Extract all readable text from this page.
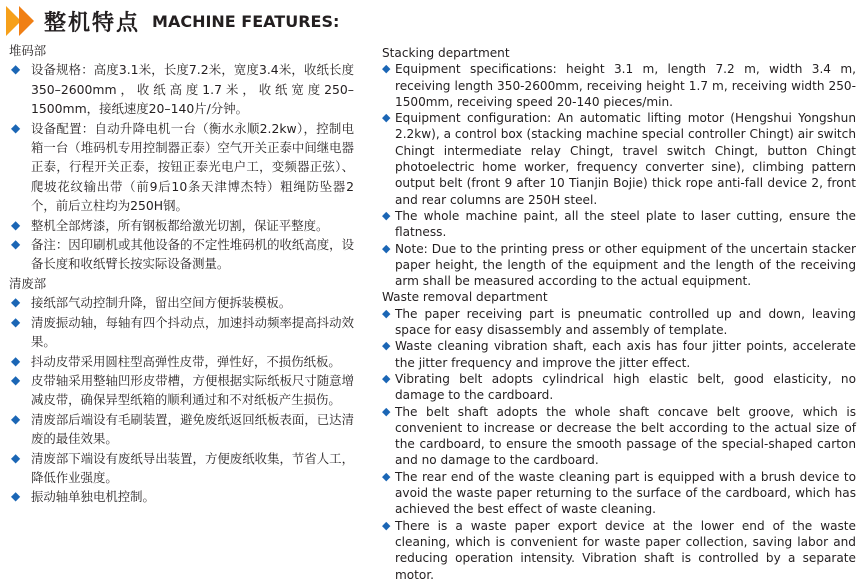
整机特点 MACHINE FEATURES:
堆码部
◆ 设备规格：高度3.1米，长度7.2米，宽度3.4米，收纸长度350–2600mm，收纸高度1.7米，收纸宽度250–1500mm，接纸速度20–140片/分钟。
◆ 设备配置：自动升降电机一台（衡水永顺2.2kw），控制电箱一台（堆码机专用控制器正泰）空气开关正泰中间继电器正泰，行程开关正泰，按钮正泰光电户工，变频器正弦）、爬坡花纹输出带（前9后10条天津博杰特）粗绳防坠器2个，前后立柱均为250H钢。
◆ 整机全部烤漆，所有钢板都给激光切割，保证平整度。
◆ 备注：因印刷机或其他设备的不定性堆码机的收纸高度，设备长度和收纸臂长按实际设备测量。
清废部
◆ 接纸部气动控制升降，留出空间方便拆装模板。
◆ 清废振动轴，每轴有四个抖动点，加速抖动频率提高抖动效果。
◆ 抖动皮带采用圆柱型高弹性皮带，弹性好，不损伤纸板。
◆ 皮带轴采用整轴凹形皮带槽，方便根据实际纸板尺寸随意增减皮带，确保异型纸箱的顺利通过和不对纸板产生损伤。
◆ 清废部后端设有毛刷装置，避免废纸返回纸板表面，已达清废的最佳效果。
◆ 清废部下端设有废纸导出装置，方便废纸收集，节省人工，降低作业强度。
◆ 振动轴单独电机控制。
Stacking department
◆ Equipment specifications: height 3.1 m, length 7.2 m, width 3.4 m, receiving length 350-2600mm, receiving height 1.7 m, receiving width 250-1500mm, receiving speed 20-140 pieces/min.
◆ Equipment configuration: An automatic lifting motor (Hengshui Yongshun 2.2kw), a control box (stacking machine special controller Chingt) air switch Chingt intermediate relay Chingt, travel switch Chingt, button Chingt photoelectric home worker, frequency converter sine), climbing pattern output belt (front 9 after 10 Tianjin Bojie) thick rope anti-fall device 2, front and rear columns are 250H steel.
◆ The whole machine paint, all the steel plate to laser cutting, ensure the flatness.
◆ Note: Due to the printing press or other equipment of the uncertain stacker paper height, the length of the equipment and the length of the receiving arm shall be measured according to the actual equipment.
Waste removal department
◆ The paper receiving part is pneumatic controlled up and down, leaving space for easy disassembly and assembly of template.
◆ Waste cleaning vibration shaft, each axis has four jitter points, accelerate the jitter frequency and improve the jitter effect.
◆ Vibrating belt adopts cylindrical high elastic belt, good elasticity, no damage to the cardboard.
◆ The belt shaft adopts the whole shaft concave belt groove, which is convenient to increase or decrease the belt according to the actual size of the cardboard, to ensure the smooth passage of the special-shaped carton and no damage to the cardboard.
◆ The rear end of the waste cleaning part is equipped with a brush device to avoid the waste paper returning to the surface of the cardboard, which has achieved the best effect of waste cleaning.
◆ There is a waste paper export device at the lower end of the waste cleaning, which is convenient for waste paper collection, saving labor and reducing operation intensity. Vibration shaft is controlled by a separate motor.
